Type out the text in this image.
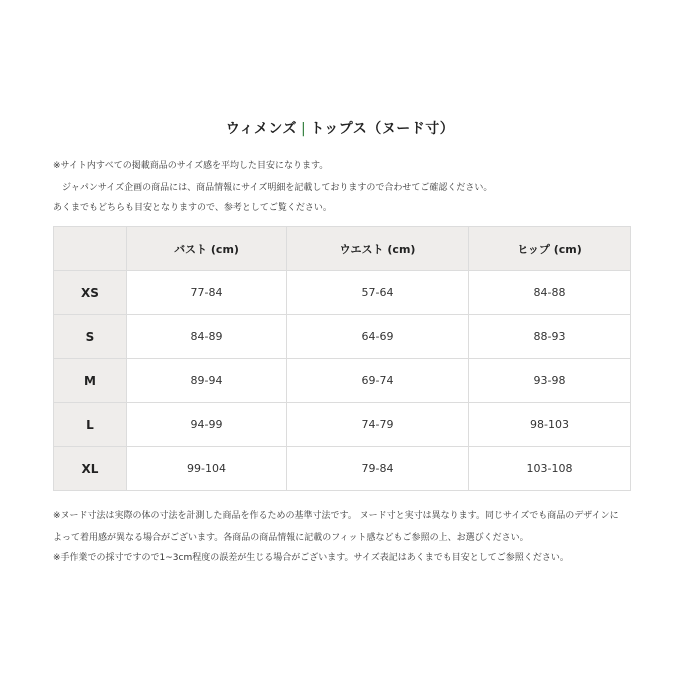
ウィメンズ | トップス（ヌード寸）
※サイト内すべての掲載商品のサイズ感を平均した目安になります。
　ジャパンサイズ企画の商品には、商品情報にサイズ明細を記載しておりますので合わせてご確認ください。
あくまでもどちらも目安となりますので、参考としてご覧ください。
	バスト (cm)	ウエスト (cm)	ヒップ (cm)
XS	77-84	57-64	84-88
S	84-89	64-69	88-93
M	89-94	69-74	93-98
L	94-99	74-79	98-103
XL	99-104	79-84	103-108
※ヌード寸法は実際の体の寸法を計測した商品を作るための基準寸法です。 ヌード寸と実寸は異なります。同じサイズでも商品のデザインに
よって着用感が異なる場合がございます。各商品の商品情報に記載のフィット感などもご参照の上、お選びください。
※手作業での採寸ですので1~3cm程度の誤差が生じる場合がございます。サイズ表記はあくまでも目安としてご参照ください。
